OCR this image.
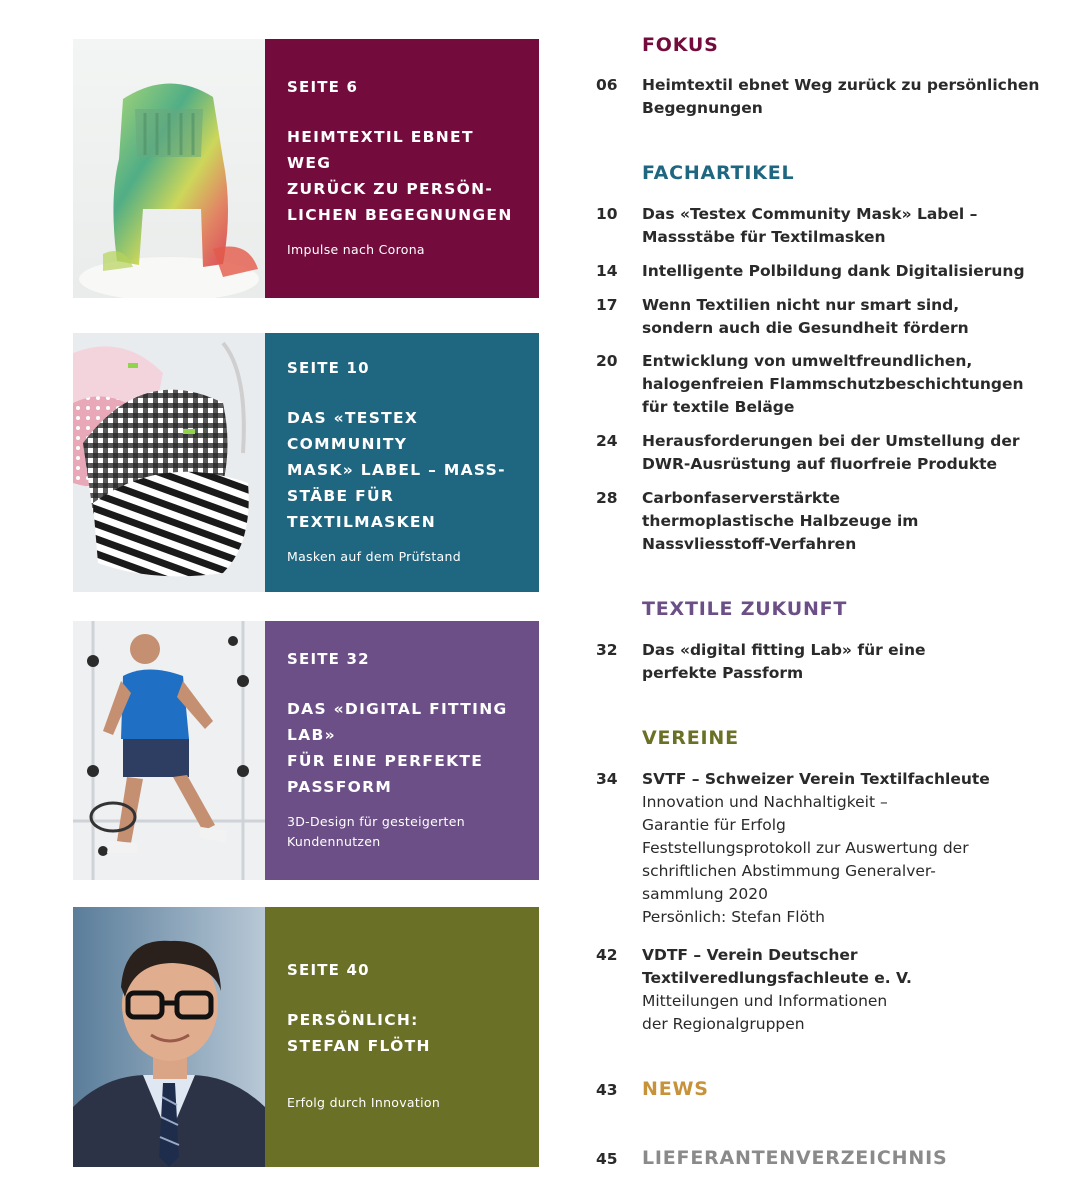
SEITE 6
HEIMTEXTIL EBNET WEG
ZURÜCK ZU PERSÖN-
LICHEN BEGEGNUNGEN
Impulse nach Corona
SEITE 10
DAS «TESTEX COMMUNITY
MASK» LABEL – MASS-
STÄBE FÜR TEXTILMASKEN
Masken auf dem Prüfstand
SEITE 32
DAS «DIGITAL FITTING LAB»
FÜR EINE PERFEKTE
PASSFORM
3D-Design für gesteigerten
Kundennutzen
SEITE 40
PERSÖNLICH:
STEFAN FLÖTH
Erfolg durch Innovation
FOKUS
06	Heimtextil ebnet Weg zurück zu persönlichen
Begegnungen
FACHARTIKEL
10	Das «Testex Community Mask» Label –
Massstäbe für Textilmasken
14	Intelligente Polbildung dank Digitalisierung
17	Wenn Textilien nicht nur smart sind,
sondern auch die Gesundheit fördern
20	Entwicklung von umweltfreundlichen,
halogenfreien Flammschutzbeschichtungen
für textile Beläge
24	Herausforderungen bei der Umstellung der
DWR-Ausrüstung auf fluorfreie Produkte
28	Carbonfaserverstärkte
thermoplastische Halbzeuge im
Nassvliesstoff-Verfahren
TEXTILE ZUKUNFT
32	Das «digital fitting Lab» für eine
perfekte Passform
VEREINE
34	SVTF – Schweizer Verein Textilfachleute
Innovation und Nachhaltigkeit –
Garantie für Erfolg
Feststellungsprotokoll zur Auswertung der
schriftlichen Abstimmung Generalver-
sammlung 2020
Persönlich: Stefan Flöth
42	VDTF – Verein Deutscher
Textilveredlungsfachleute e. V.
Mitteilungen und Informationen
der Regionalgruppen
43 NEWS
45 LIEFERANTENVERZEICHNIS
